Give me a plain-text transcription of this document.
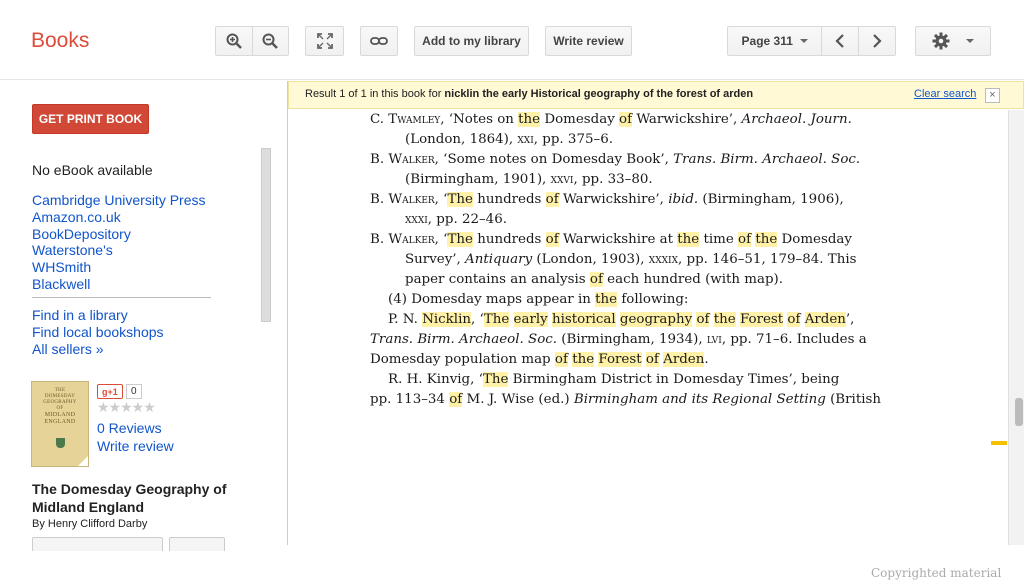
Books	Add to my library	Write review	Page 311
GET PRINT BOOK
No eBook available
Cambridge University Press
Amazon.co.uk
BookDepository
Waterstone's
WHSmith
Blackwell
Find in a library
Find local bookshops
All sellers »
THE
DOMESDAY
GEOGRAPHY
OF
MIDLAND
ENGLAND
g+1	0
★★★★★
0 Reviews
Write review
The Domesday Geography of Midland England
By Henry Clifford Darby
Result 1 of 1 in this book for nicklin the early Historical geography of the forest of arden	Clear search	×
C. Twamley, ‘Notes on the Domesday of Warwickshire’, Archaeol. Journ.
(London, 1864), xxi, pp. 375–6.
B. Walker, ‘Some notes on Domesday Book’, Trans. Birm. Archaeol. Soc.
(Birmingham, 1901), xxvi, pp. 33–80.
B. Walker, ‘The hundreds of Warwickshire’, ibid. (Birmingham, 1906),
xxxi, pp. 22–46.
B. Walker, ‘The hundreds of Warwickshire at the time of the Domesday
Survey’, Antiquary (London, 1903), xxxix, pp. 146–51, 179–84. This
paper contains an analysis of each hundred (with map).
(4) Domesday maps appear in the following:
P. N. Nicklin, ‘The early historical geography of the Forest of Arden’,
Trans. Birm. Archaeol. Soc. (Birmingham, 1934), lvi, pp. 71–6. Includes a
Domesday population map of the Forest of Arden.
R. H. Kinvig, ‘The Birmingham District in Domesday Times’, being
pp. 113–34 of M. J. Wise (ed.) Birmingham and its Regional Setting (British
Copyrighted material
